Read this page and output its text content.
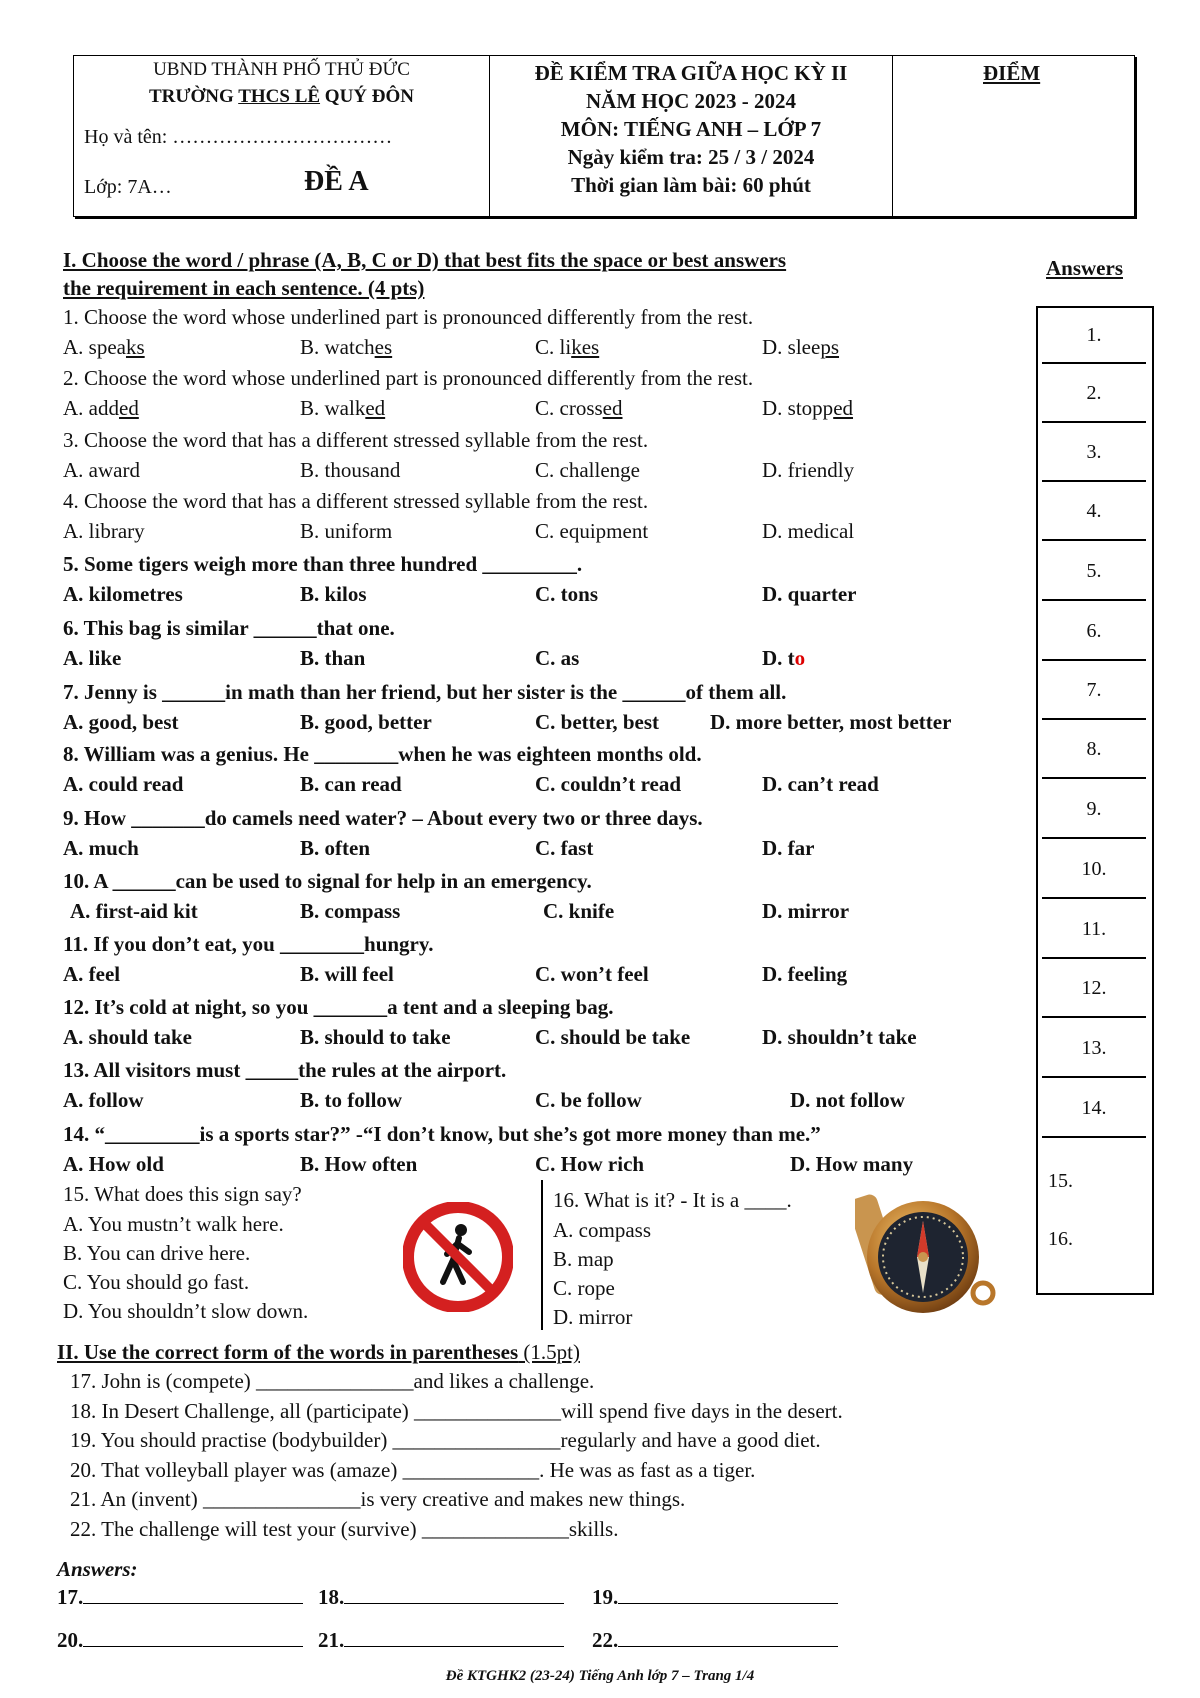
UBND THÀNH PHỐ THỦ ĐỨC
TRƯỜNG THCS LÊ QUÝ ĐÔN
Họ và tên: ……………………………
Lớp: 7A…	ĐỀ A
ĐỀ KIỂM TRA GIỮA HỌC KỲ II
NĂM HỌC 2023 - 2024
MÔN: TIẾNG ANH – LỚP 7
Ngày kiểm tra: 25 / 3 / 2024
Thời gian làm bài: 60 phút
ĐIỂM
Answers
1.
2.
3.
4.
5.
6.
7.
8.
9.
10.
11.
12.
13.
14.
15.
16.
I. Choose the word / phrase (A, B, C or D) that best fits the space or best answers
the requirement in each sentence. (4 pts)
1. Choose the word whose underlined part is pronounced differently from the rest.
A. speaks	B. watches	C. likes	D. sleeps
2. Choose the word whose underlined part is pronounced differently from the rest.
A. added	B. walked	C. crossed	D. stopped
3. Choose the word that has a different stressed syllable from the rest.
A. award	B. thousand	C. challenge	D. friendly
4. Choose the word that has a different stressed syllable from the rest.
A. library	B. uniform	C. equipment	D. medical
5. Some tigers weigh more than three hundred _________.
A. kilometres	B. kilos	C. tons	D. quarter
6. This bag is similar ______that one.
A. like	B. than	C. as	D. to
7. Jenny is ______in math than her friend, but her sister is the ______of them all.
A. good, best	B. good, better	C. better, best D. more better, most better
8. William was a genius. He ________when he was eighteen months old.
A. could read	B. can read	C. couldn’t read	D. can’t read
9. How _______do camels need water? – About every two or three days.
A. much	B. often	C. fast	D. far
10. A ______can be used to signal for help in an emergency.
A. first-aid kit	B. compass	C. knife	D. mirror
11. If you don’t eat, you ________hungry.
A. feel	B. will feel	C. won’t feel	D. feeling
12. It’s cold at night, so you _______a tent and a sleeping bag.
A. should take	B. should to take	C. should be take	D. shouldn’t take
13. All visitors must _____the rules at the airport.
A. follow	B. to follow	C. be follow	D. not follow
14. “_________is a sports star?” -“I don’t know, but she’s got more money than me.”
A. How old	B. How often	C. How rich	D. How many
15. What does this sign say?
A. You mustn’t walk here.
B. You can drive here.
C. You should go fast.
D. You shouldn’t slow down.
16. What is it? - It is a ____.
A. compass
B. map
C. rope
D. mirror
II. Use the correct form of the words in parentheses (1.5pt)
17. John is (compete) _______________and likes a challenge.
18. In Desert Challenge, all (participate) ______________will spend five days in the desert.
19. You should practise (bodybuilder) ________________regularly and have a good diet.
20. That volleyball player was (amaze) _____________. He was as fast as a tiger.
21. An (invent) _______________is very creative and makes new things.
22. The challenge will test your (survive) ______________skills.
Answers:
17.	18.	19.
20.	21.	22.
Đề KTGHK2 (23-24) Tiếng Anh lớp 7 – Trang 1/4
